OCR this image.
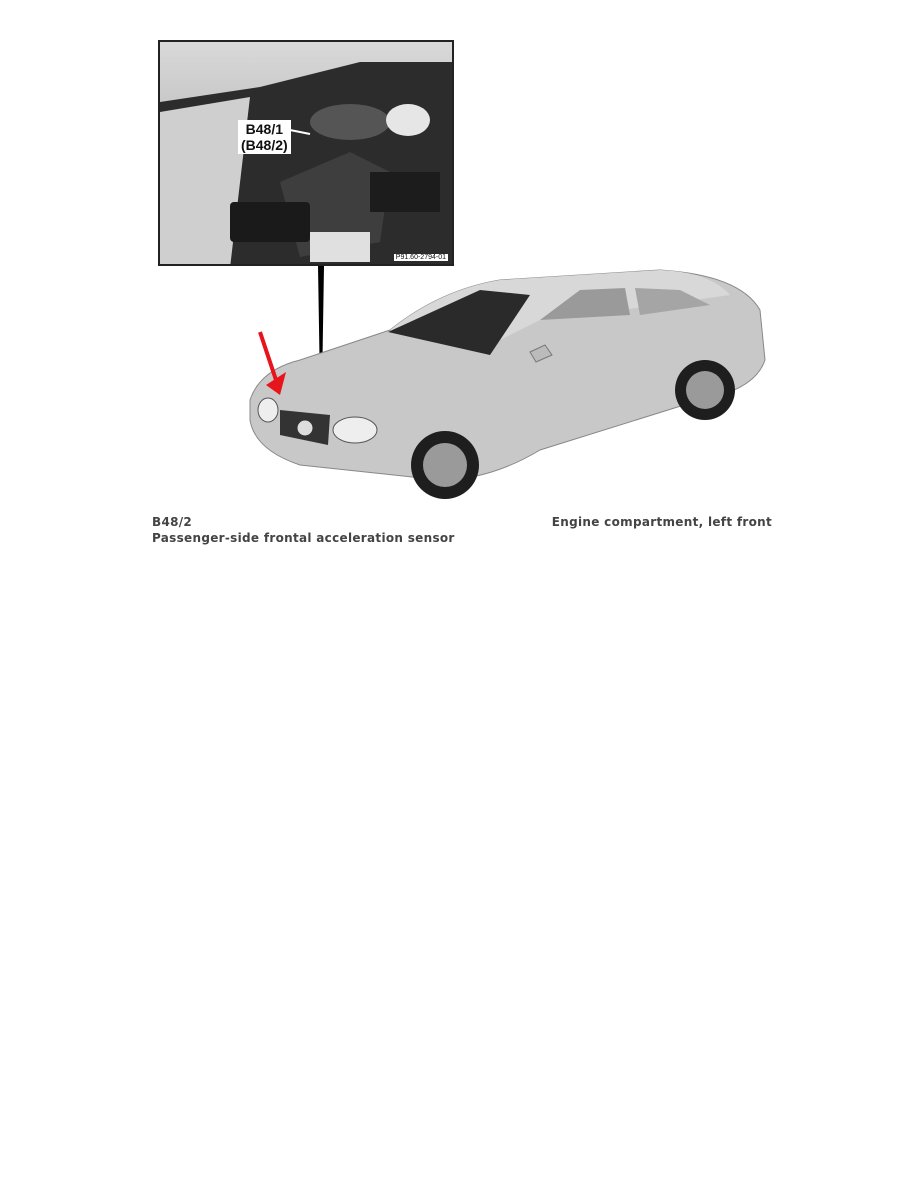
B48/1
(B48/2)
P91.60-2794-01
B48/2	Engine compartment, left front
Passenger-side frontal acceleration sensor
